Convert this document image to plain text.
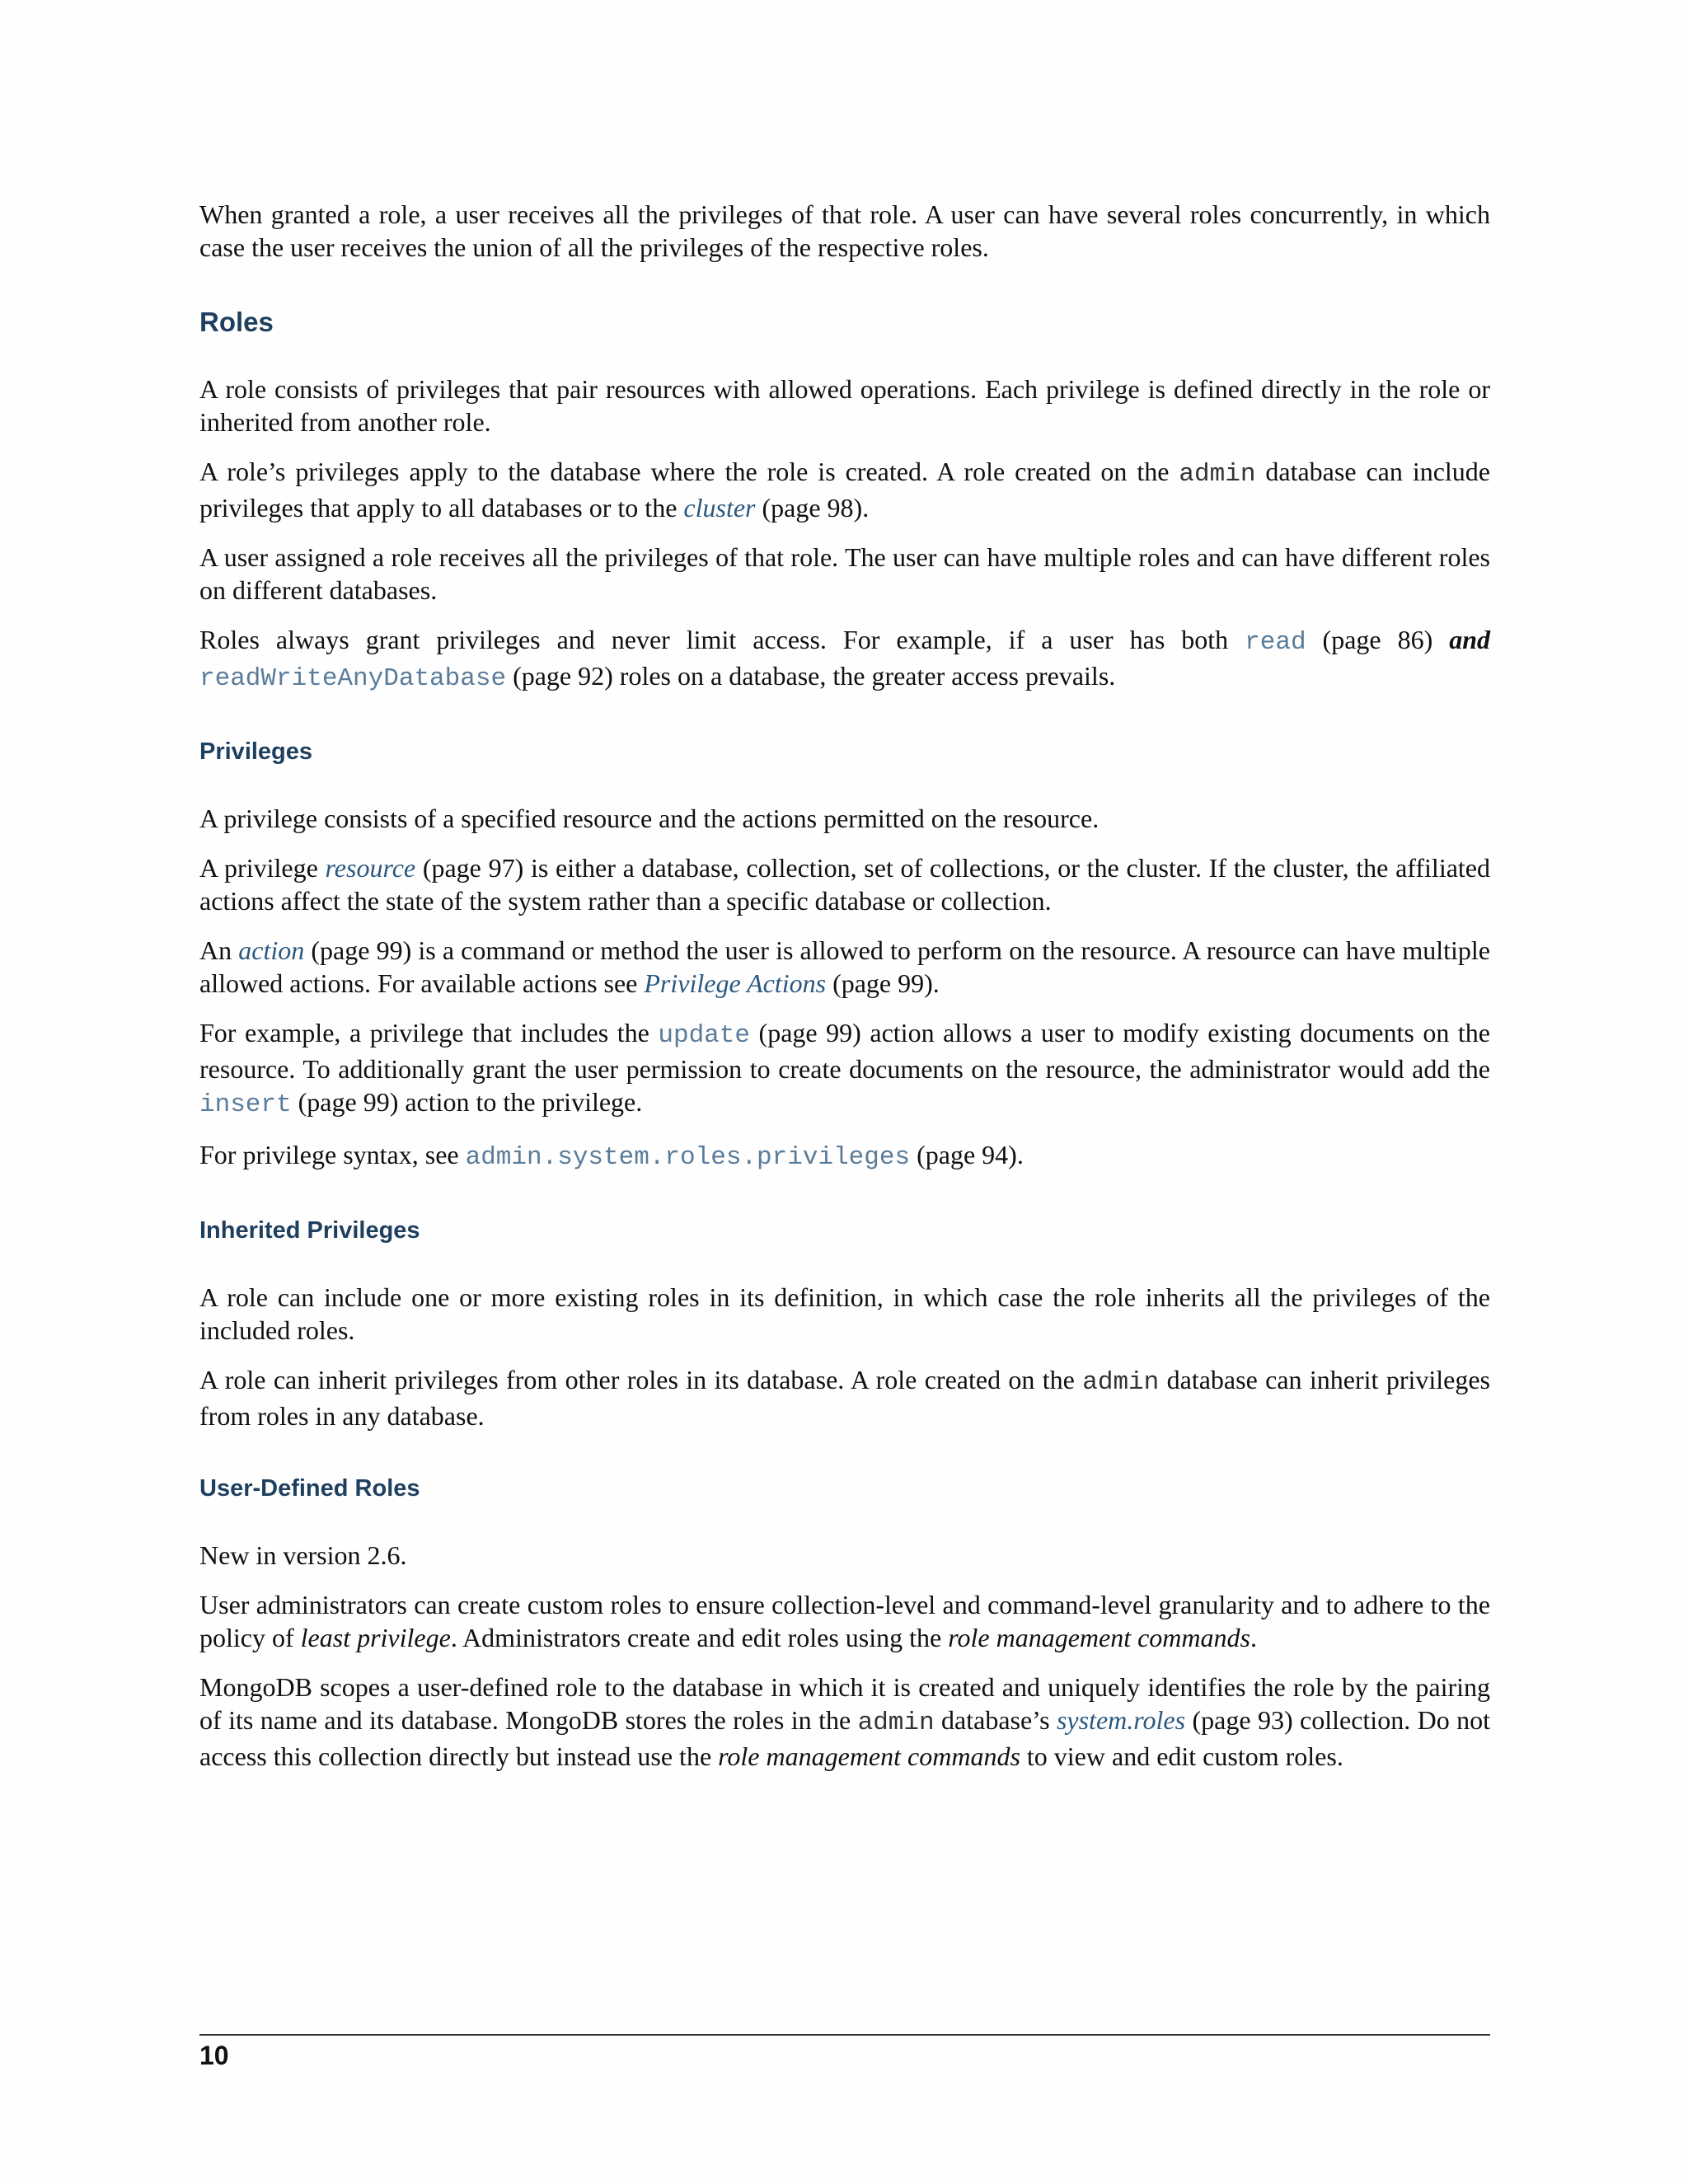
When granted a role, a user receives all the privileges of that role. A user can have several roles concurrently, in which case the user receives the union of all the privileges of the respective roles.

Roles

A role consists of privileges that pair resources with allowed operations. Each privilege is defined directly in the role or inherited from another role.

A role’s privileges apply to the database where the role is created. A role created on the admin database can include privileges that apply to all databases or to the cluster (page 98).

A user assigned a role receives all the privileges of that role. The user can have multiple roles and can have different roles on different databases.

Roles always grant privileges and never limit access. For example, if a user has both read (page 86) and readWriteAnyDatabase (page 92) roles on a database, the greater access prevails.

Privileges

A privilege consists of a specified resource and the actions permitted on the resource.

A privilege resource (page 97) is either a database, collection, set of collections, or the cluster. If the cluster, the affiliated actions affect the state of the system rather than a specific database or collection.

An action (page 99) is a command or method the user is allowed to perform on the resource. A resource can have multiple allowed actions. For available actions see Privilege Actions (page 99).

For example, a privilege that includes the update (page 99) action allows a user to modify existing documents on the resource. To additionally grant the user permission to create documents on the resource, the administrator would add the insert (page 99) action to the privilege.

For privilege syntax, see admin.system.roles.privileges (page 94).

Inherited Privileges

A role can include one or more existing roles in its definition, in which case the role inherits all the privileges of the included roles.

A role can inherit privileges from other roles in its database. A role created on the admin database can inherit privileges from roles in any database.

User-Defined Roles

New in version 2.6.

User administrators can create custom roles to ensure collection-level and command-level granularity and to adhere to the policy of least privilege. Administrators create and edit roles using the role management commands.

MongoDB scopes a user-defined role to the database in which it is created and uniquely identifies the role by the pairing of its name and its database. MongoDB stores the roles in the admin database’s system.roles (page 93) collection. Do not access this collection directly but instead use the role management commands to view and edit custom roles.

10
